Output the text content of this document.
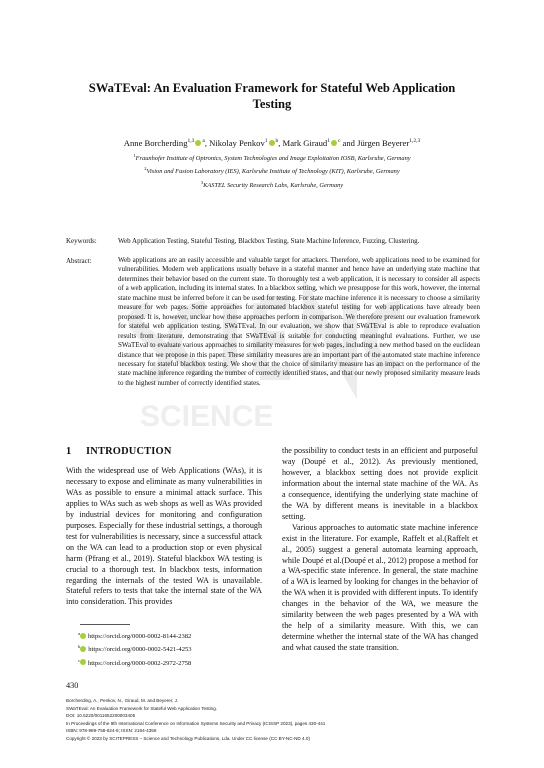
SCIENCE
SWaTEval: An Evaluation Framework for Stateful Web Application
Testing
Anne Borcherding$^{1,3}$ $^a$, Nikolay Penkov$^1$ $^b$, Mark Giraud$^1$ $^c$ and Jürgen Beyerer$^{1,2,3}$
$^1$Fraunhofer Institute of Optronics, System Technologies and Image Exploitation IOSB, Karlsruhe, Germany
$^2$Vision and Fusion Laboratory (IES), Karlsruhe Institute of Technology (KIT), Karlsruhe, Germany
$^3$KASTEL Security Research Labs, Karlsruhe, Germany
Keywords:	Web Application Testing, Stateful Testing, Blackbox Testing, State Machine Inference, Fuzzing, Clustering.
Abstract:	Web applications are an easily accessible and valuable target for attackers. Therefore, web applications need to be examined for vulnerabilities. Modern web applications usually behave in a stateful manner and hence have an underlying state machine that determines their behavior based on the current state. To thoroughly test a web application, it is necessary to consider all aspects of a web application, including its internal states. In a blackbox setting, which we presuppose for this work, however, the internal state machine must be inferred before it can be used for testing. For state machine inference it is necessary to choose a similarity measure for web pages. Some approaches for automated blackbox stateful testing for web applications have already been proposed. It is, however, unclear how these approaches perform in comparison. We therefore present our evaluation framework for stateful web application testing, SWaTEval. In our evaluation, we show that SWaTEval is able to reproduce evaluation results from literature, demonstrating that SWaTEval is suitable for conducting meaningful evaluations. Further, we use SWaTEval to evaluate various approaches to similarity measures for web pages, including a new method based on the euclidean distance that we propose in this paper. These similarity measures are an important part of the automated state machine inference necessary for stateful blackbox testing. We show that the choice of similarity measure has an impact on the performance of the state machine inference regarding the number of correctly identified states, and that our newly proposed similarity measure leads to the highest number of correctly identified states.
1 INTRODUCTION

With the widespread use of Web Applications (WAs), it is necessary to expose and eliminate as many vulnerabilities in WAs as possible to ensure a minimal attack surface. This applies to WAs such as web shops as well as WAs provided by industrial devices for monitoring and configuration purposes. Especially for these industrial settings, a thorough test for vulnerabilities is necessary, since a successful attack on the WA can lead to a production stop or even physical harm (Pfrang et al., 2019). Stateful blackbox WA testing is crucial to a thorough test. In blackbox tests, information regarding the internals of the tested WA is unavailable. Stateful refers to tests that take the internal state of the WA into consideration. This provides

the possibility to conduct tests in an efficient and purposeful way (Doupé et al., 2012). As previously mentioned, however, a blackbox setting does not provide explicit information about the internal state machine of the WA. As a consequence, identifying the underlying state machine of the WA by different means is inevitable in a blackbox setting.

Various approaches to automatic state machine inference exist in the literature. For example, Raffelt et al.(Raffelt et al., 2005) suggest a general automata learning approach, while Doupé et al.(Doupé et al., 2012) propose a method for a WA-specific state inference. In general, the state machine of a WA is learned by looking for changes in the behavior of the WA when it is provided with different inputs. To identify changes in the behavior of the WA, we measure the similarity between the web pages presented by a WA with the help of a similarity measure. With this, we can determine whether the internal state of the WA has changed and what caused the state transition.

$^a$ https://orcid.org/0000-0002-8144-2382
$^b$ https://orcid.org/0000-0002-5421-4253
$^c$ https://orcid.org/0000-0002-2972-2758
430
Borcherding, A., Penkov, N., Giraud, M. and Beyerer, J.
SWaTEval: An Evaluation Framework for Stateful Web Application Testing.
DOI: 10.5220/0011652200003405
In Proceedings of the 9th International Conference on Information Systems Security and Privacy (ICISSP 2023), pages 430-441
ISBN: 978-989-758-624-8; ISSN: 2184-4356
Copyright © 2023 by SCITEPRESS – Science and Technology Publications, Lda. Under CC license (CC BY-NC-ND 4.0)
